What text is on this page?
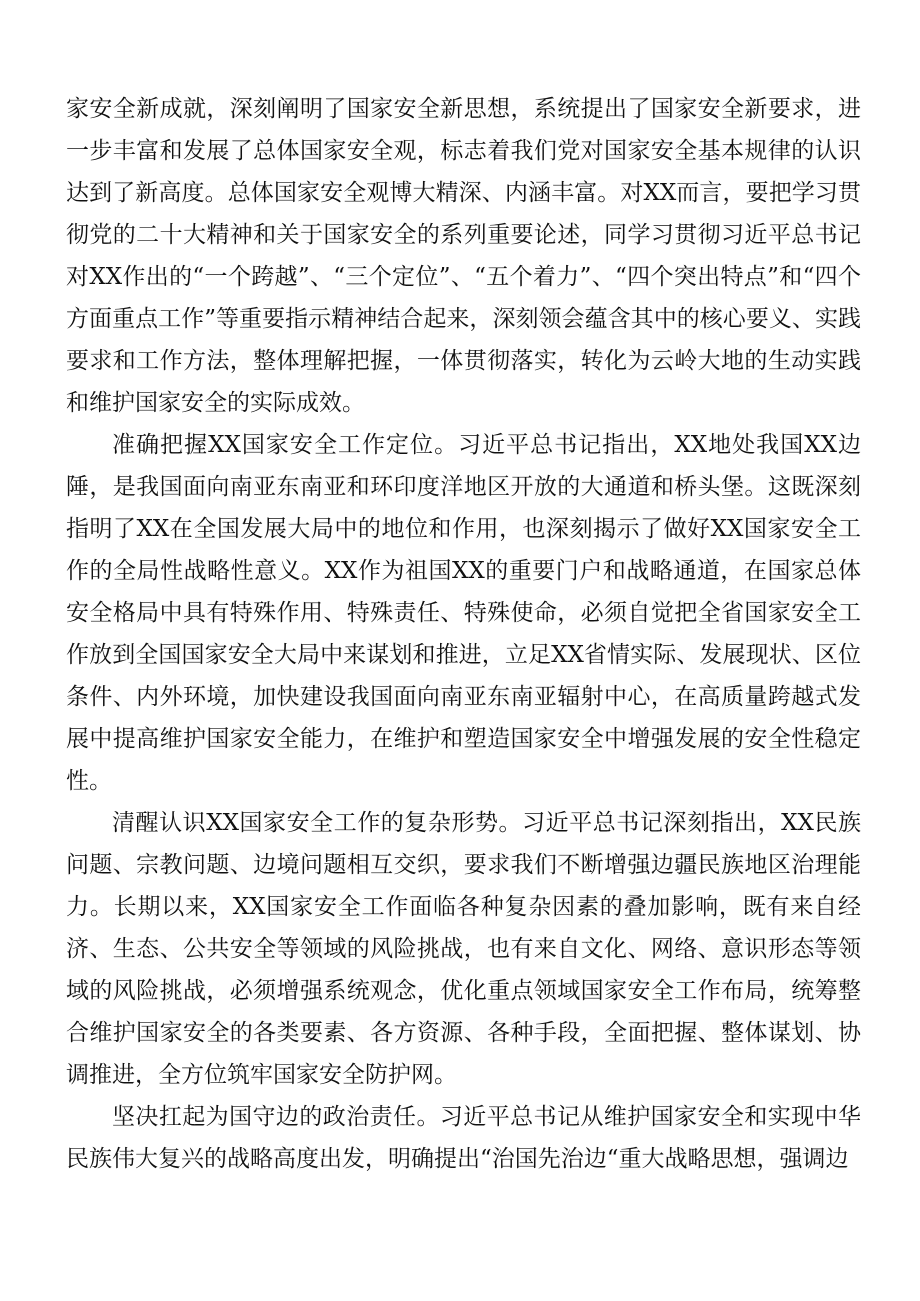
家安全新成就，深刻阐明了国家安全新思想，系统提出了国家安全新要求，进一步丰富和发展了总体国家安全观，标志着我们党对国家安全基本规律的认识达到了新高度。总体国家安全观博大精深、内涵丰富。对XX而言，要把学习贯彻党的二十大精神和关于国家安全的系列重要论述，同学习贯彻习近平总书记对XX作出的“一个跨越”、“三个定位”、“五个着力”、“四个突出特点”和“四个方面重点工作”等重要指示精神结合起来，深刻领会蕴含其中的核心要义、实践要求和工作方法，整体理解把握，一体贯彻落实，转化为云岭大地的生动实践和维护国家安全的实际成效。

准确把握XX国家安全工作定位。习近平总书记指出，XX地处我国XX边陲，是我国面向南亚东南亚和环印度洋地区开放的大通道和桥头堡。这既深刻指明了XX在全国发展大局中的地位和作用，也深刻揭示了做好XX国家安全工作的全局性战略性意义。XX作为祖国XX的重要门户和战略通道，在国家总体安全格局中具有特殊作用、特殊责任、特殊使命，必须自觉把全省国家安全工作放到全国国家安全大局中来谋划和推进，立足XX省情实际、发展现状、区位条件、内外环境，加快建设我国面向南亚东南亚辐射中心，在高质量跨越式发展中提高维护国家安全能力，在维护和塑造国家安全中增强发展的安全性稳定性。

清醒认识XX国家安全工作的复杂形势。习近平总书记深刻指出，XX民族问题、宗教问题、边境问题相互交织，要求我们不断增强边疆民族地区治理能力。长期以来，XX国家安全工作面临各种复杂因素的叠加影响，既有来自经济、生态、公共安全等领域的风险挑战，也有来自文化、网络、意识形态等领域的风险挑战，必须增强系统观念，优化重点领域国家安全工作布局，统筹整合维护国家安全的各类要素、各方资源、各种手段，全面把握、整体谋划、协调推进，全方位筑牢国家安全防护网。

坚决扛起为国守边的政治责任。习近平总书记从维护国家安全和实现中华民族伟大复兴的战略高度出发，明确提出“治国先治边“重大战略思想，强调边
